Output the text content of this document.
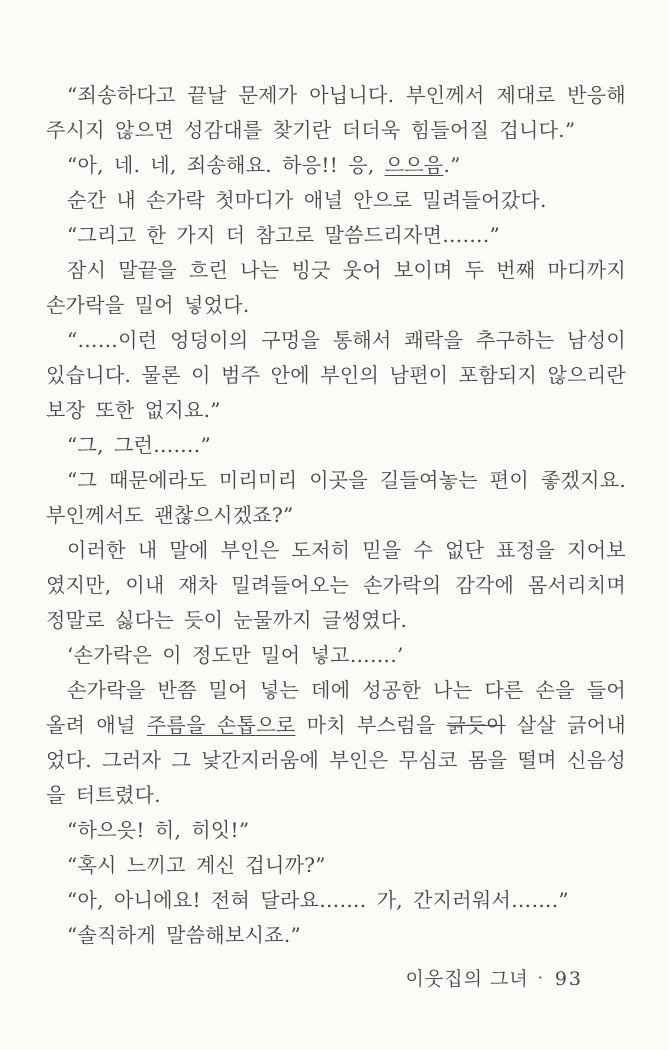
“죄송하다고 끝날 문제가 아닙니다. 부인께서 제대로 반응해 주시지 않으면 성감대를 찾기란 더더욱 힘들어질 겁니다.”

“아, 네. 네, 죄송해요. 하응!! 응, 으으음.”

순간 내 손가락 첫마디가 애널 안으로 밀려들어갔다.

“그리고 한 가지 더 참고로 말씀드리자면…….”

잠시 말끝을 흐린 나는 빙긋 웃어 보이며 두 번째 마디까지 손가락을 밀어 넣었다.

“……이런 엉덩이의 구멍을 통해서 쾌락을 추구하는 남성이 있습니다. 물론 이 범주 안에 부인의 남편이 포함되지 않으리란 보장 또한 없지요.”

“그, 그런…….”

“그 때문에라도 미리미리 이곳을 길들여놓는 편이 좋겠지요. 부인께서도 괜찮으시겠죠?”

이러한 내 말에 부인은 도저히 믿을 수 없단 표정을 지어보였지만, 이내 재차 밀려들어오는 손가락의 감각에 몸서리치며 정말로 싫다는 듯이 눈물까지 글썽였다.

‘손가락은 이 정도만 밀어 넣고…….’

손가락을 반쯤 밀어 넣는 데에 성공한 나는 다른 손을 들어 올려 애널 주름을 손톱으로 마치 부스럼을 긁듯이 살살 긁어내었다. 그러자 그 낯간지러움에 부인은 무심코 몸을 떨며 신음성을 터트렸다.

“하으읏! 히, 히잇!”

“혹시 느끼고 계신 겁니까?”

“아, 아니에요! 전혀 달라요……. 가, 간지러워서…….”

“솔직하게 말씀해보시죠.”

이웃집의 그녀 · 93
